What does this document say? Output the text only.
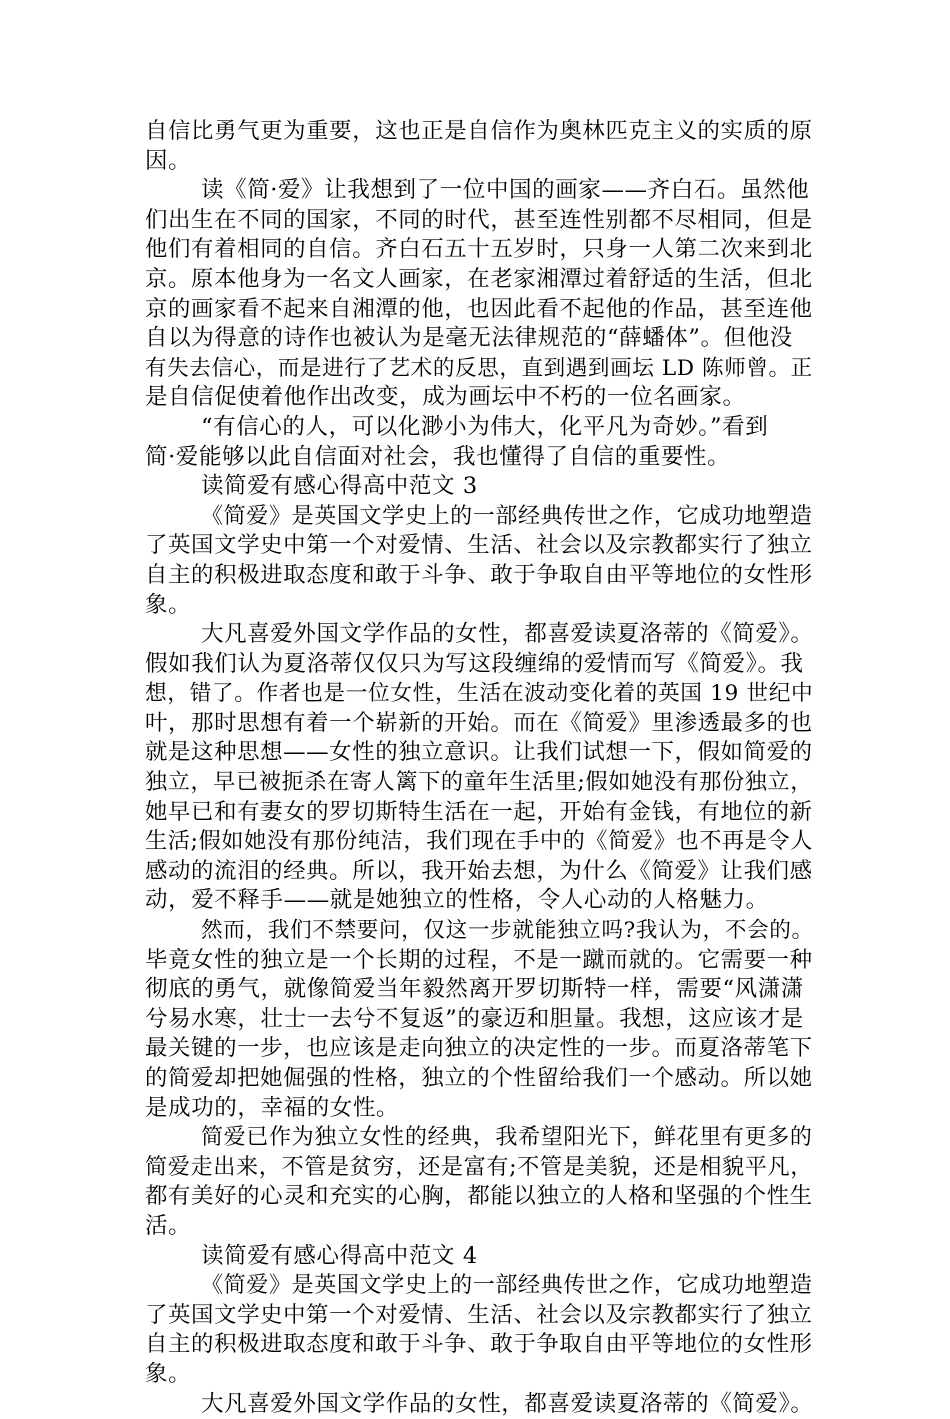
自信比勇气更为重要，这也正是自信作为奥林匹克主义的实质的原
因。
读《简·爱》让我想到了一位中国的画家——齐白石。虽然他
们出生在不同的国家，不同的时代，甚至连性别都不尽相同，但是
他们有着相同的自信。齐白石五十五岁时，只身一人第二次来到北
京。原本他身为一名文人画家，在老家湘潭过着舒适的生活，但北
京的画家看不起来自湘潭的他，也因此看不起他的作品，甚至连他
自以为得意的诗作也被认为是毫无法律规范的“薛蟠体”。但他没
有失去信心，而是进行了艺术的反思，直到遇到画坛 LD 陈师曾。正
是自信促使着他作出改变，成为画坛中不朽的一位名画家。
“有信心的人，可以化渺小为伟大，化平凡为奇妙。”看到
简·爱能够以此自信面对社会，我也懂得了自信的重要性。
读简爱有感心得高中范文 3
《简爱》是英国文学史上的一部经典传世之作，它成功地塑造
了英国文学史中第一个对爱情、生活、社会以及宗教都实行了独立
自主的积极进取态度和敢于斗争、敢于争取自由平等地位的女性形
象。
大凡喜爱外国文学作品的女性，都喜爱读夏洛蒂的《简爱》。
假如我们认为夏洛蒂仅仅只为写这段缠绵的爱情而写《简爱》。我
想，错了。作者也是一位女性，生活在波动变化着的英国 19 世纪中
叶，那时思想有着一个崭新的开始。而在《简爱》里渗透最多的也
就是这种思想——女性的独立意识。让我们试想一下，假如简爱的
独立，早已被扼杀在寄人篱下的童年生活里;假如她没有那份独立，
她早已和有妻女的罗切斯特生活在一起，开始有金钱，有地位的新
生活;假如她没有那份纯洁，我们现在手中的《简爱》也不再是令人
感动的流泪的经典。所以，我开始去想，为什么《简爱》让我们感
动，爱不释手——就是她独立的性格，令人心动的人格魅力。
然而，我们不禁要问，仅这一步就能独立吗?我认为，不会的。
毕竟女性的独立是一个长期的过程，不是一蹴而就的。它需要一种
彻底的勇气，就像简爱当年毅然离开罗切斯特一样，需要“风潇潇
兮易水寒，壮士一去兮不复返”的豪迈和胆量。我想，这应该才是
最关键的一步，也应该是走向独立的决定性的一步。而夏洛蒂笔下
的简爱却把她倔强的性格，独立的个性留给我们一个感动。所以她
是成功的，幸福的女性。
简爱已作为独立女性的经典，我希望阳光下，鲜花里有更多的
简爱走出来，不管是贫穷，还是富有;不管是美貌，还是相貌平凡，
都有美好的心灵和充实的心胸，都能以独立的人格和坚强的个性生
活。
读简爱有感心得高中范文 4
《简爱》是英国文学史上的一部经典传世之作，它成功地塑造
了英国文学史中第一个对爱情、生活、社会以及宗教都实行了独立
自主的积极进取态度和敢于斗争、敢于争取自由平等地位的女性形
象。
大凡喜爱外国文学作品的女性，都喜爱读夏洛蒂的《简爱》。
